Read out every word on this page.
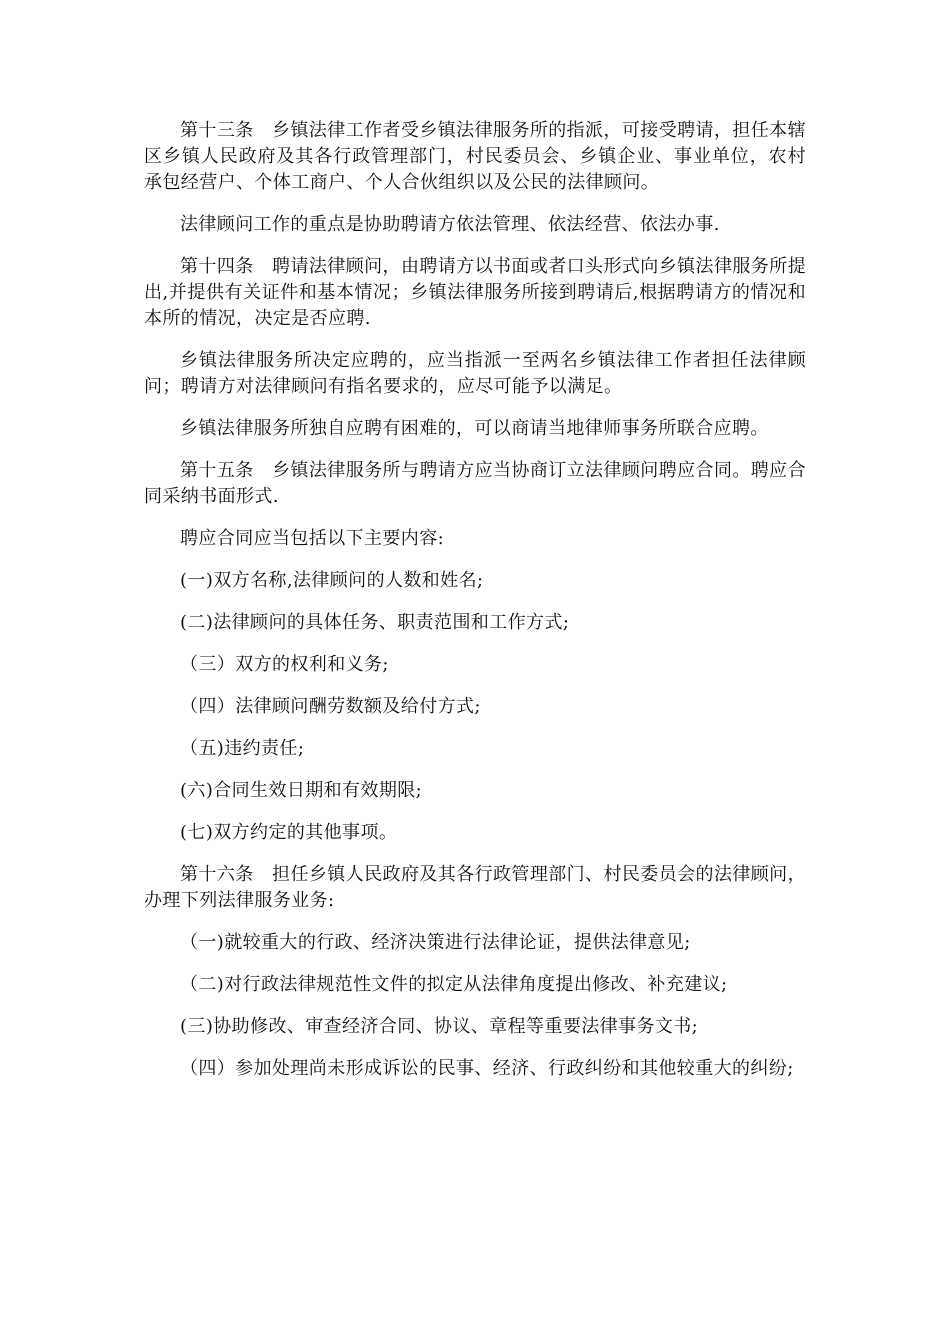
第十三条　乡镇法律工作者受乡镇法律服务所的指派，可接受聘请，担任本辖区乡镇人民政府及其各行政管理部门，村民委员会、乡镇企业、事业单位，农村承包经营户、个体工商户、个人合伙组织以及公民的法律顾问。

法律顾问工作的重点是协助聘请方依法管理、依法经营、依法办事.

第十四条　聘请法律顾问，由聘请方以书面或者口头形式向乡镇法律服务所提出,并提供有关证件和基本情况；乡镇法律服务所接到聘请后,根据聘请方的情况和本所的情况，决定是否应聘.

乡镇法律服务所决定应聘的，应当指派一至两名乡镇法律工作者担任法律顾问；聘请方对法律顾问有指名要求的，应尽可能予以满足。

乡镇法律服务所独自应聘有困难的，可以商请当地律师事务所联合应聘。

第十五条　乡镇法律服务所与聘请方应当协商订立法律顾问聘应合同。聘应合同采纳书面形式.

聘应合同应当包括以下主要内容:

(一)双方名称,法律顾问的人数和姓名;

(二)法律顾问的具体任务、职责范围和工作方式;

（三）双方的权利和义务;

（四）法律顾问酬劳数额及给付方式;

（五)违约责任;

(六)合同生效日期和有效期限;

(七)双方约定的其他事项。

第十六条　担任乡镇人民政府及其各行政管理部门、村民委员会的法律顾问，办理下列法律服务业务:

（一)就较重大的行政、经济决策进行法律论证，提供法律意见;

（二)对行政法律规范性文件的拟定从法律角度提出修改、补充建议;

(三)协助修改、审查经济合同、协议、章程等重要法律事务文书;

（四）参加处理尚未形成诉讼的民事、经济、行政纠纷和其他较重大的纠纷;
